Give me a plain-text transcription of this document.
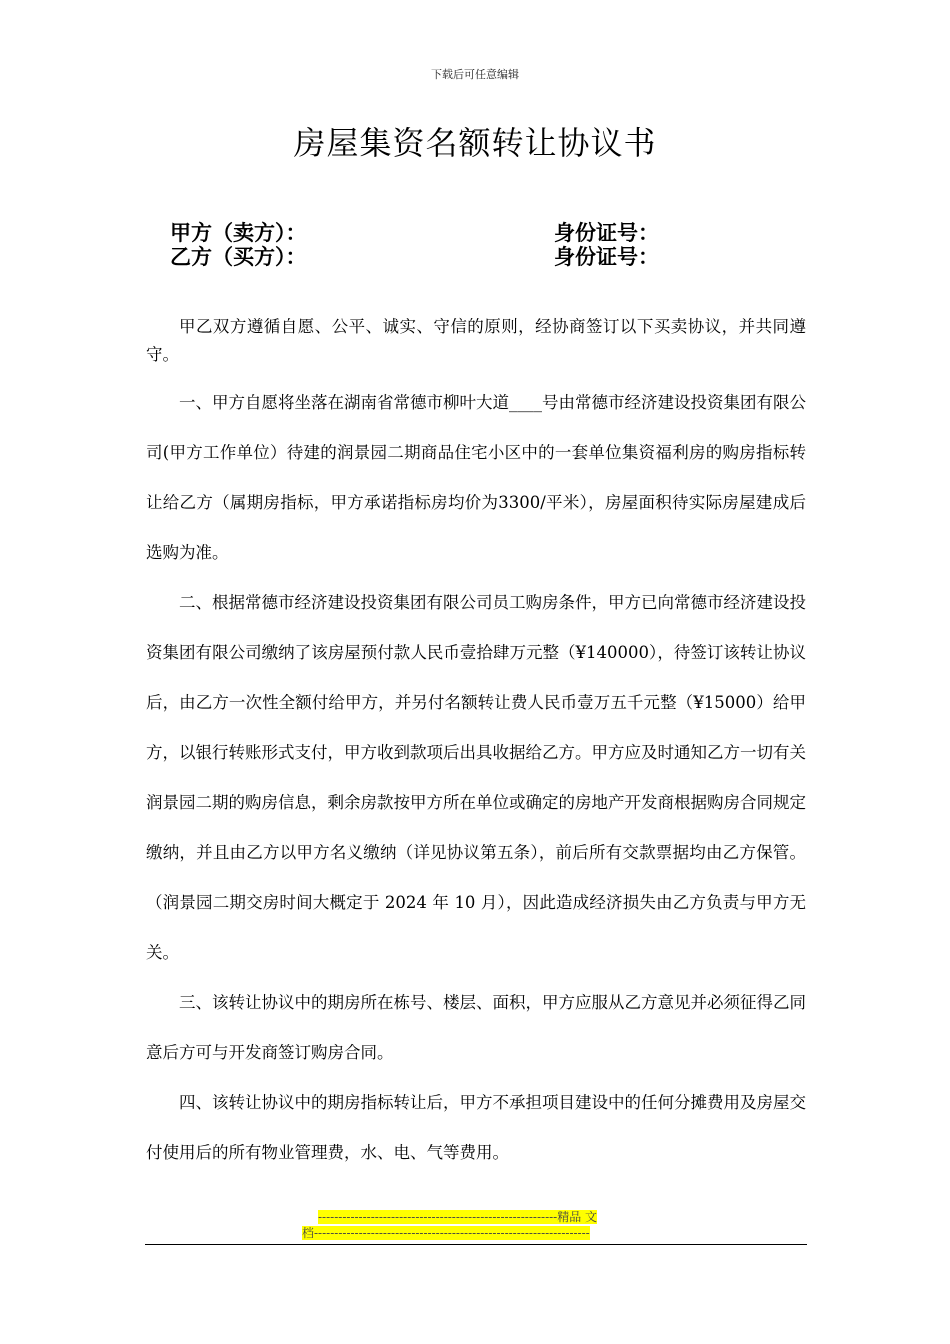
下载后可任意编辑
房屋集资名额转让协议书
甲方（卖方）：	身份证号：
乙方（买方）：	身份证号：

甲乙双方遵循自愿、公平、诚实、守信的原则，经协商签订以下买卖协议，并共同遵守。

一、甲方自愿将坐落在湖南省常德市柳叶大道____号由常德市经济建设投资集团有限公司(甲方工作单位）待建的润景园二期商品住宅小区中的一套单位集资福利房的购房指标转让给乙方（属期房指标，甲方承诺指标房均价为3300/平米），房屋面积待实际房屋建成后选购为准。

二、根据常德市经济建设投资集团有限公司员工购房条件，甲方已向常德市经济建设投资集团有限公司缴纳了该房屋预付款人民币壹拾肆万元整（¥140000），待签订该转让协议后，由乙方一次性全额付给甲方，并另付名额转让费人民币壹万五千元整（¥15000）给甲方，以银行转账形式支付，甲方收到款项后出具收据给乙方。甲方应及时通知乙方一切有关润景园二期的购房信息，剩余房款按甲方所在单位或确定的房地产开发商根据购房合同规定缴纳，并且由乙方以甲方名义缴纳（详见协议第五条），前后所有交款票据均由乙方保管。（润景园二期交房时间大概定于 2024 年 10 月），因此造成经济损失由乙方负责与甲方无关。

三、该转让协议中的期房所在栋号、楼层、面积，甲方应服从乙方意见并必须征得乙同意后方可与开发商签订购房合同。

四、该转让协议中的期房指标转让后，甲方不承担项目建设中的任何分摊费用及房屋交付使用后的所有物业管理费，水、电、气等费用。

-----------------------------------------------------------精品 文
档--------------------------------------------------------------------
